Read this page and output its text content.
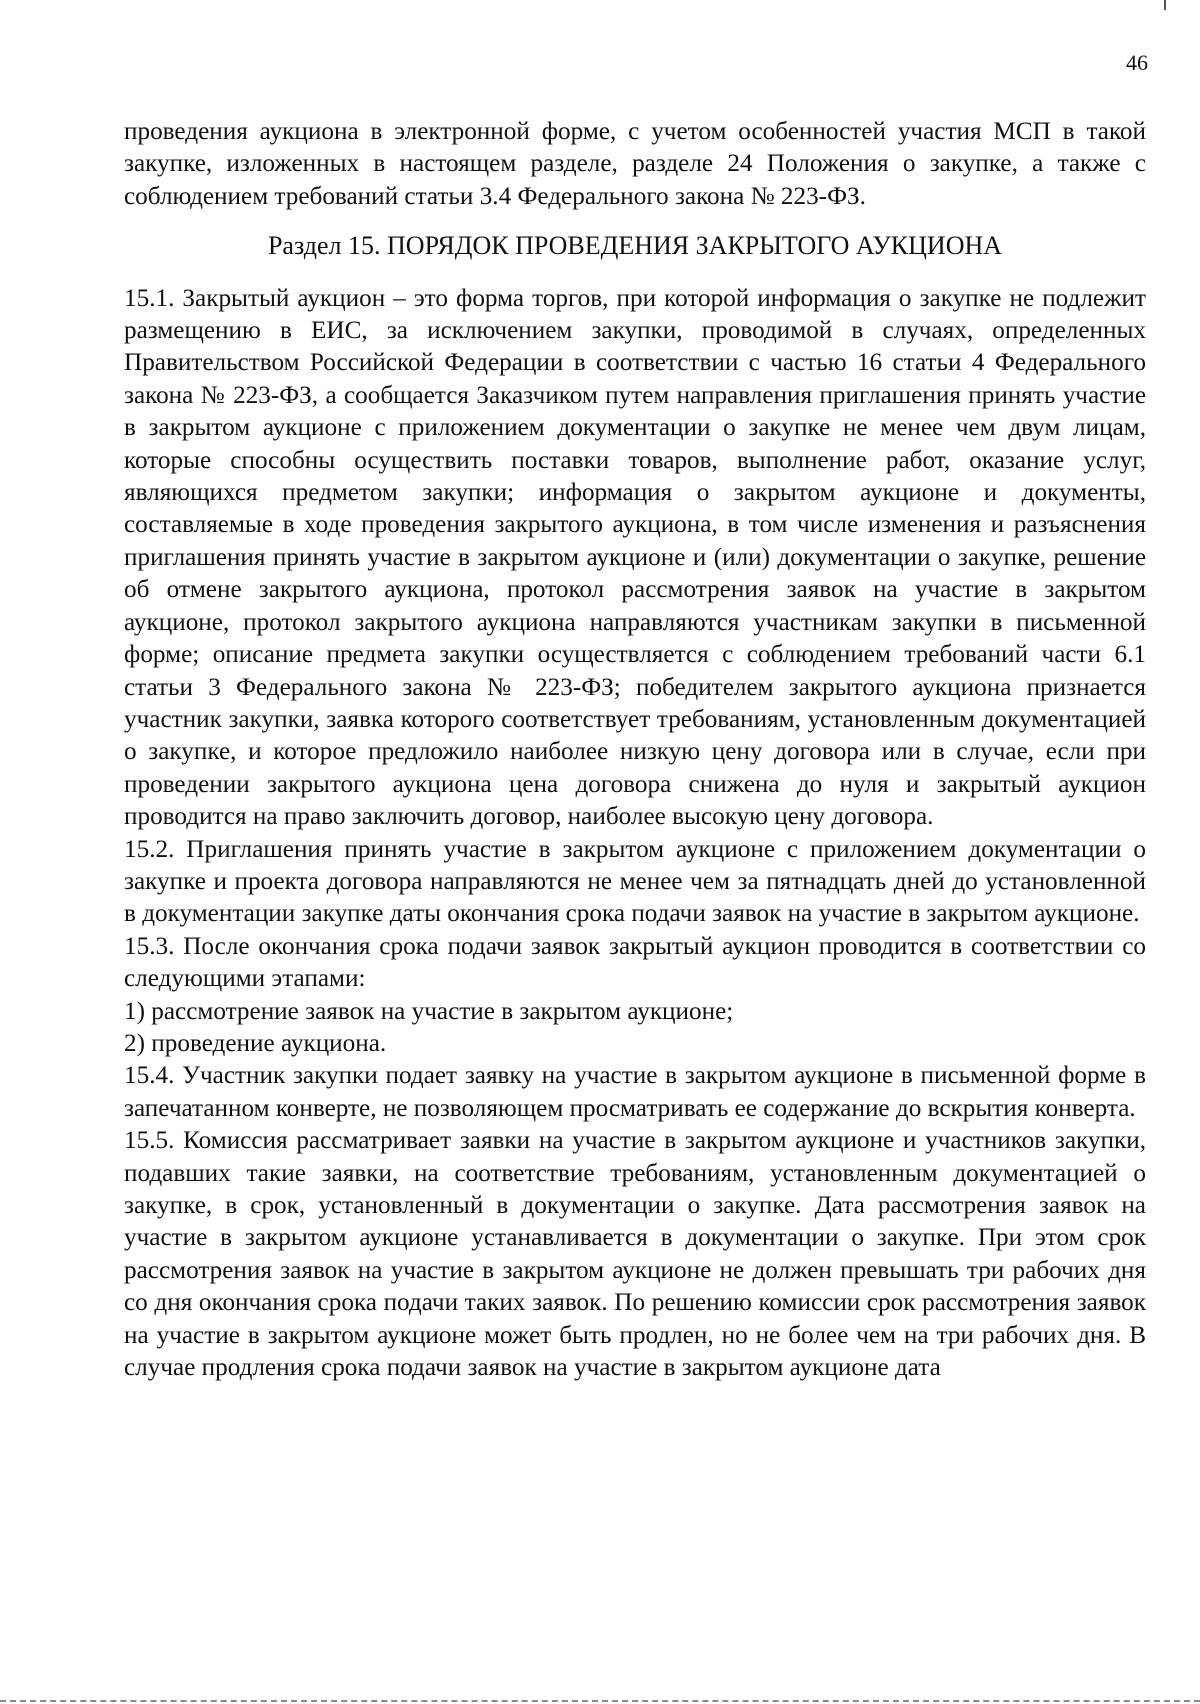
46

проведения аукциона в электронной форме, с учетом особенностей участия МСП в такой закупке, изложенных в настоящем разделе, разделе 24 Положения о закупке, а также с соблюдением требований статьи 3.4 Федерального закона № 223-ФЗ.

Раздел 15. ПОРЯДОК ПРОВЕДЕНИЯ ЗАКРЫТОГО АУКЦИОНА

15.1. Закрытый аукцион – это форма торгов, при которой информация о закупке не подлежит размещению в ЕИС, за исключением закупки, проводимой в случаях, определенных Правительством Российской Федерации в соответствии с частью 16 статьи 4 Федерального закона № 223-ФЗ, а сообщается Заказчиком путем направления приглашения принять участие в закрытом аукционе с приложением документации о закупке не менее чем двум лицам, которые способны осуществить поставки товаров, выполнение работ, оказание услуг, являющихся предметом закупки; информация о закрытом аукционе и документы, составляемые в ходе проведения закрытого аукциона, в том числе изменения и разъяснения приглашения принять участие в закрытом аукционе и (или) документации о закупке, решение об отмене закрытого аукциона, протокол рассмотрения заявок на участие в закрытом аукционе, протокол закрытого аукциона направляются участникам закупки в письменной форме; описание предмета закупки осуществляется с соблюдением требований части 6.1 статьи 3 Федерального закона № 223-ФЗ; победителем закрытого аукциона признается участник закупки, заявка которого соответствует требованиям, установленным документацией о закупке, и которое предложило наиболее низкую цену договора или в случае, если при проведении закрытого аукциона цена договора снижена до нуля и закрытый аукцион проводится на право заключить договор, наиболее высокую цену договора.

15.2. Приглашения принять участие в закрытом аукционе с приложением документации о закупке и проекта договора направляются не менее чем за пятнадцать дней до установленной в документации закупке даты окончания срока подачи заявок на участие в закрытом аукционе.

15.3. После окончания срока подачи заявок закрытый аукцион проводится в соответствии со следующими этапами:

1) рассмотрение заявок на участие в закрытом аукционе;

2) проведение аукциона.

15.4. Участник закупки подает заявку на участие в закрытом аукционе в письменной форме в запечатанном конверте, не позволяющем просматривать ее содержание до вскрытия конверта.

15.5. Комиссия рассматривает заявки на участие в закрытом аукционе и участников закупки, подавших такие заявки, на соответствие требованиям, установленным документацией о закупке, в срок, установленный в документации о закупке. Дата рассмотрения заявок на участие в закрытом аукционе устанавливается в документации о закупке. При этом срок рассмотрения заявок на участие в закрытом аукционе не должен превышать три рабочих дня со дня окончания срока подачи таких заявок. По решению комиссии срок рассмотрения заявок на участие в закрытом аукционе может быть продлен, но не более чем на три рабочих дня. В случае продления срока подачи заявок на участие в закрытом аукционе дата
